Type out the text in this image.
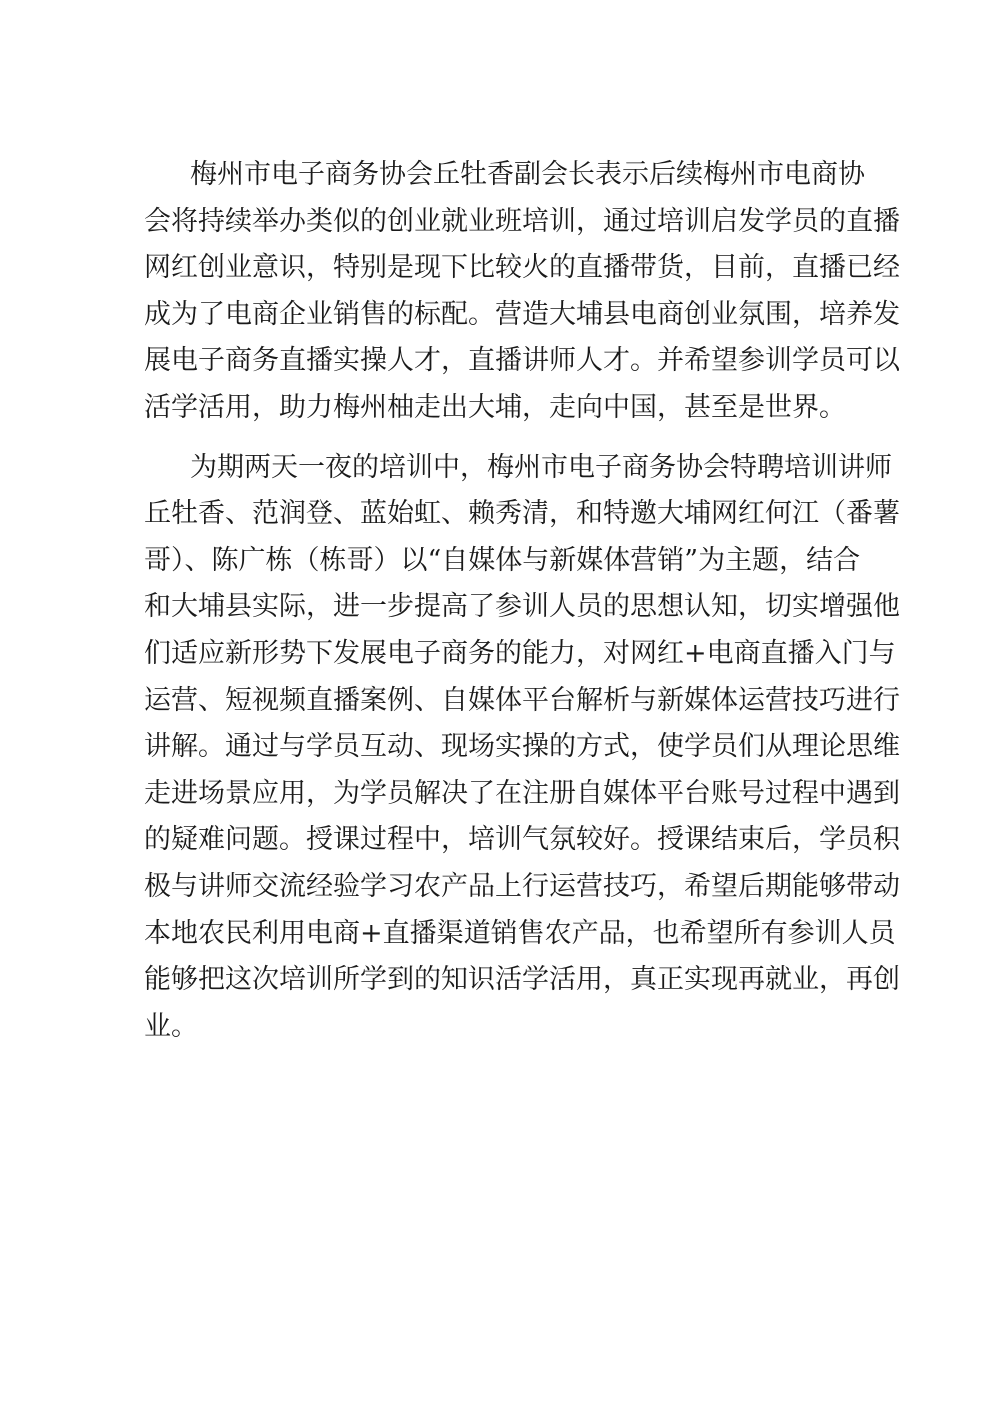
梅州市电子商务协会丘牡香副会长表示后续梅州市电商协
会将持续举办类似的创业就业班培训，通过培训启发学员的直播
网红创业意识，特别是现下比较火的直播带货，目前，直播已经
成为了电商企业销售的标配。营造大埔县电商创业氛围，培养发
展电子商务直播实操人才，直播讲师人才。并希望参训学员可以
活学活用，助力梅州柚走出大埔，走向中国，甚至是世界。
为期两天一夜的培训中，梅州市电子商务协会特聘培训讲师
丘牡香、范润登、蓝始虹、赖秀清，和特邀大埔网红何江（番薯
哥）、陈广栋（栋哥）以“自媒体与新媒体营销”为主题，结合
和大埔县实际，进一步提高了参训人员的思想认知，切实增强他
们适应新形势下发展电子商务的能力，对网红+电商直播入门与
运营、短视频直播案例、自媒体平台解析与新媒体运营技巧进行
讲解。通过与学员互动、现场实操的方式，使学员们从理论思维
走进场景应用，为学员解决了在注册自媒体平台账号过程中遇到
的疑难问题。授课过程中，培训气氛较好。授课结束后，学员积
极与讲师交流经验学习农产品上行运营技巧，希望后期能够带动
本地农民利用电商+直播渠道销售农产品，也希望所有参训人员
能够把这次培训所学到的知识活学活用，真正实现再就业，再创
业。
